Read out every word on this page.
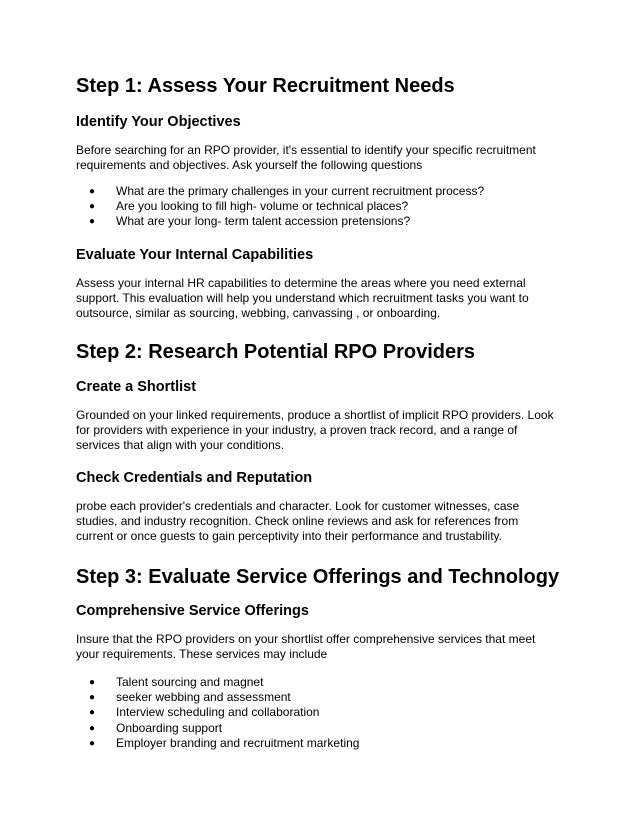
Step 1: Assess Your Recruitment Needs
Identify Your Objectives
Before searching for an RPO provider, it's essential to identify your specific recruitment requirements and objectives. Ask yourself the following questions
● What are the primary challenges in your current recruitment process?
● Are you looking to fill high- volume or technical places?
● What are your long- term talent accession pretensions?
Evaluate Your Internal Capabilities
Assess your internal HR capabilities to determine the areas where you need external support. This evaluation will help you understand which recruitment tasks you want to outsource, similar as sourcing, webbing, canvassing , or onboarding.
Step 2: Research Potential RPO Providers
Create a Shortlist
Grounded on your linked requirements, produce a shortlist of implicit RPO providers. Look for providers with experience in your industry, a proven track record, and a range of services that align with your conditions.
Check Credentials and Reputation
probe each provider's credentials and character. Look for customer witnesses, case studies, and industry recognition. Check online reviews and ask for references from current or once guests to gain perceptivity into their performance and trustability.
Step 3: Evaluate Service Offerings and Technology
Comprehensive Service Offerings
Insure that the RPO providers on your shortlist offer comprehensive services that meet your requirements. These services may include
● Talent sourcing and magnet
● seeker webbing and assessment
● Interview scheduling and collaboration
● Onboarding support
● Employer branding and recruitment marketing
